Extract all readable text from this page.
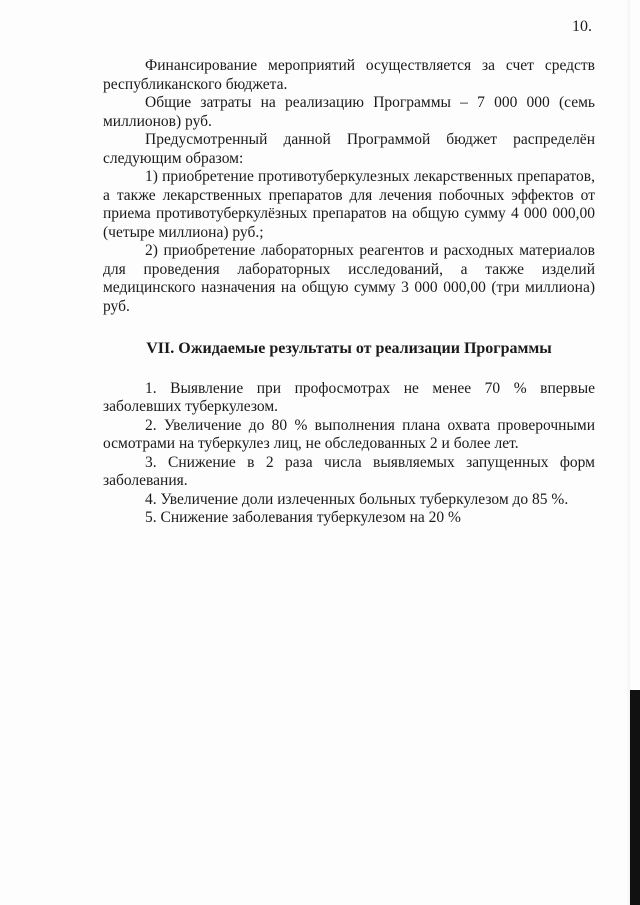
10.

Финансирование мероприятий осуществляется за счет средств республиканского бюджета.

Общие затраты на реализацию Программы – 7 000 000 (семь миллионов) руб.

Предусмотренный данной Программой бюджет распределён следующим образом:

1) приобретение противотуберкулезных лекарственных препаратов, а также лекарственных препаратов для лечения побочных эффектов от приема противотуберкулёзных препаратов на общую сумму 4 000 000,00 (четыре миллиона) руб.;

2) приобретение лабораторных реагентов и расходных материалов для проведения лабораторных исследований, а также изделий медицинского назначения на общую сумму 3 000 000,00 (три миллиона) руб.

VII. Ожидаемые результаты от реализации Программы

1. Выявление при профосмотрах не менее 70 % впервые заболевших туберкулезом.

2. Увеличение до 80 % выполнения плана охвата проверочными осмотрами на туберкулез лиц, не обследованных 2 и более лет.

3. Снижение в 2 раза числа выявляемых запущенных форм заболевания.

4. Увеличение доли излеченных больных туберкулезом до 85 %.

5. Снижение заболевания туберкулезом на 20 %
